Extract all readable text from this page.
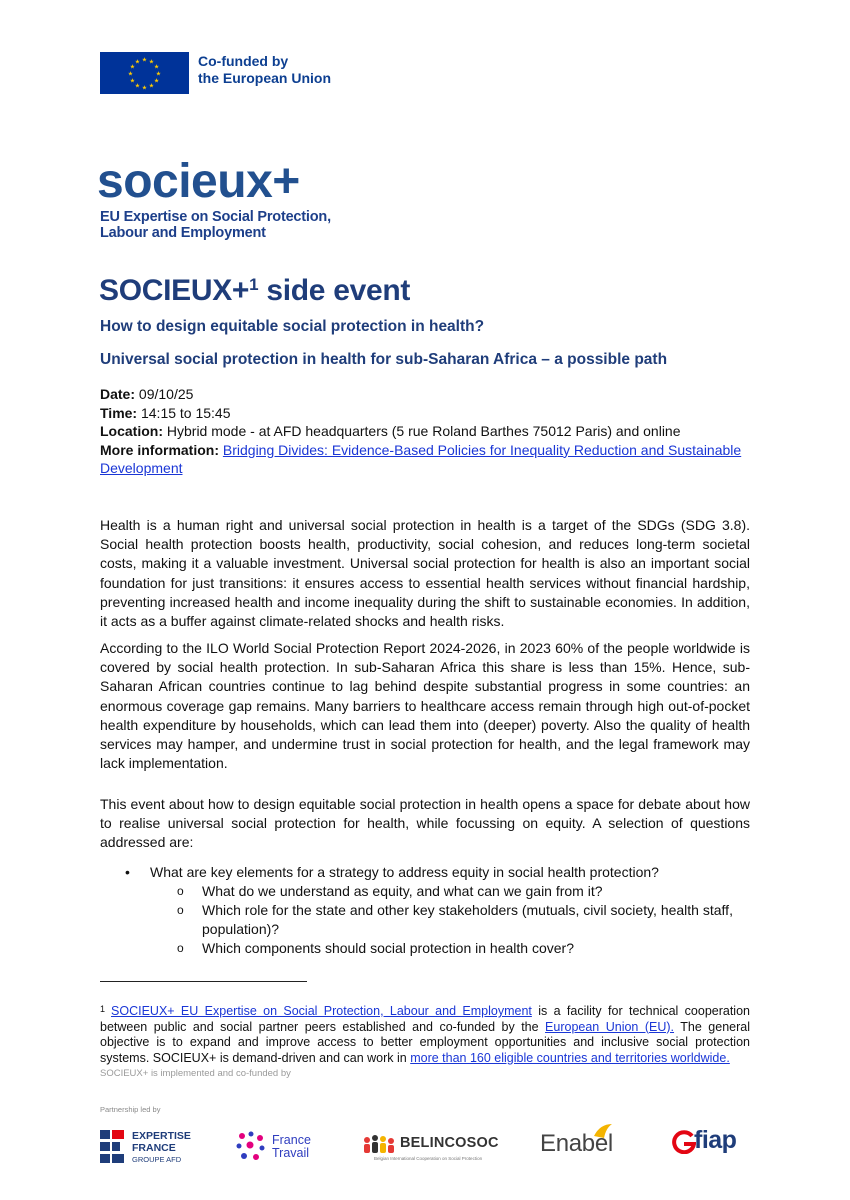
★ ★
★
★
★
★
★
★
★
★
★
★	Co-funded by
the European Union
socieux+
EU Expertise on Social Protection,
Labour and Employment
SOCIEUX+$^1$ side event
How to design equitable social protection in health?
Universal social protection in health for sub-Saharan Africa – a possible path
Date: 09/10/25
Time: 14:15 to 15:45
Location: Hybrid mode - at AFD headquarters (5 rue Roland Barthes 75012 Paris) and online
More information: Bridging Divides: Evidence-Based Policies for Inequality Reduction and Sustainable Development
Health is a human right and universal social protection in health is a target of the SDGs (SDG 3.8). Social health protection boosts health, productivity, social cohesion, and reduces long-term societal costs, making it a valuable investment. Universal social protection for health is also an important social foundation for just transitions: it ensures access to essential health services without financial hardship, preventing increased health and income inequality during the shift to sustainable economies. In addition, it acts as a buffer against climate-related shocks and health risks.
According to the ILO World Social Protection Report 2024-2026, in 2023 60% of the people worldwide is covered by social health protection. In sub-Saharan Africa this share is less than 15%. Hence, sub-Saharan African countries continue to lag behind despite substantial progress in some countries: an enormous coverage gap remains. Many barriers to healthcare access remain through high out-of-pocket health expenditure by households, which can lead them into (deeper) poverty. Also the quality of health services may hamper, and undermine trust in social protection for health, and the legal framework may lack implementation.
This event about how to design equitable social protection in health opens a space for debate about how to realise universal social protection for health, while focussing on equity. A selection of questions addressed are:
• What are key elements for a strategy to address equity in social health protection?
o What do we understand as equity, and what can we gain from it?
o Which role for the state and other key stakeholders (mutuals, civil society, health staff, population)?
o Which components should social protection in health cover?
$^1$ SOCIEUX+ EU Expertise on Social Protection, Labour and Employment is a facility for technical cooperation between public and social partner peers established and co-funded by the European Union (EU). The general objective is to expand and improve access to better employment opportunities and inclusive social protection systems. SOCIEUX+ is demand-driven and can work in more than 160 eligible countries and territories worldwide.
SOCIEUX+ is implemented and co-funded by
Partnership led by
EXPERTISE
FRANCE
GROUPE AFD
France
Travail
BELINCOSOC
Belgian International Cooperation on Social Protection
Enabel	fiap
